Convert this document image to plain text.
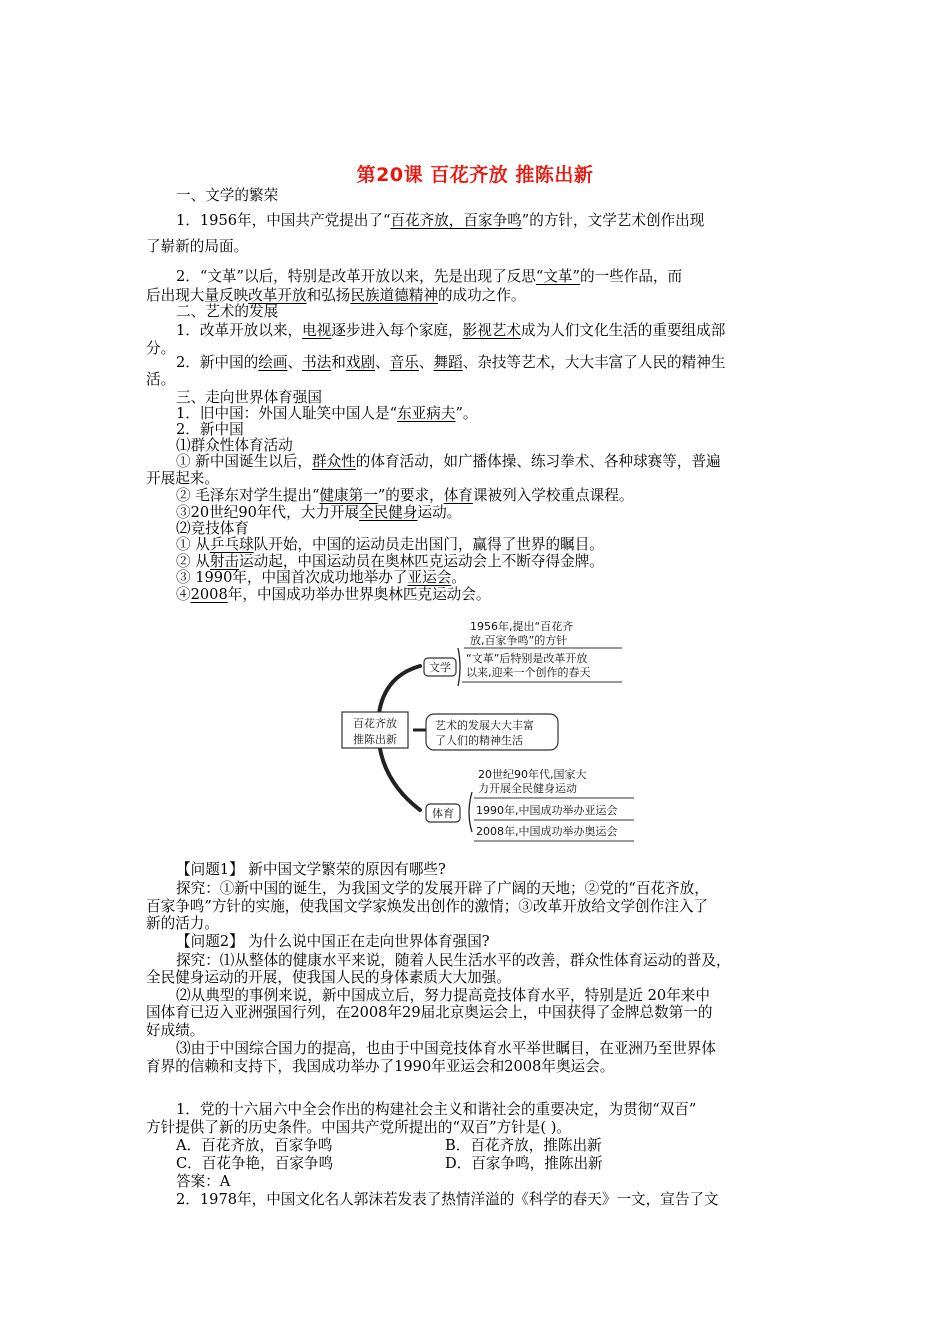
第20课 百花齐放 推陈出新
一、文学的繁荣
1．1956年，中国共产党提出了“百花齐放，百家争鸣”的方针，文学艺术创作出现
了崭新的局面。
2．“文革”以后，特别是改革开放以来，先是出现了反思“文革”的一些作品，而
后出现大量反映改革开放和弘扬民族道德精神的成功之作。
二、艺术的发展
1．改革开放以来，电视逐步进入每个家庭，影视艺术成为人们文化生活的重要组成部
分。
2．新中国的绘画、书法和戏剧、音乐、舞蹈、杂技等艺术，大大丰富了人民的精神生
活。
三、走向世界体育强国
1．旧中国：外国人耻笑中国人是“东亚病夫”。
2．新中国
⑴群众性体育活动
① 新中国诞生以后，群众性的体育活动，如广播体操、练习拳术、各种球赛等，普遍
开展起来。
② 毛泽东对学生提出“健康第一”的要求，体育课被列入学校重点课程。
③20世纪90年代，大力开展全民健身运动。
⑵竞技体育
① 从乒乓球队开始，中国的运动员走出国门，赢得了世界的瞩目。
② 从射击运动起，中国运动员在奥林匹克运动会上不断夺得金牌。
③ 1990年，中国首次成功地举办了亚运会。
④2008年，中国成功举办世界奥林匹克运动会。
百花齐放
推陈出新
文学
1956年,提出“百花齐
放,百家争鸣”的方针
“文革”后特别是改革开放
以来,迎来一个创作的春天
艺术的发展大大丰富
了人们的精神生活
体育
20世纪90年代,国家大
力开展全民健身运动
1990年,中国成功举办亚运会
2008年,中国成功举办奥运会
【问题1】 新中国文学繁荣的原因有哪些?
探究：①新中国的诞生，为我国文学的发展开辟了广阔的天地；②党的“百花齐放，
百家争鸣”方针的实施，使我国文学家焕发出创作的激情；③改革开放给文学创作注入了
新的活力。
【问题2】 为什么说中国正在走向世界体育强国?
探究：⑴从整体的健康水平来说，随着人民生活水平的改善，群众性体育运动的普及，
全民健身运动的开展，使我国人民的身体素质大大加强。
⑵从典型的事例来说，新中国成立后，努力提高竞技体育水平，特别是近 20年来中
国体育已迈入亚洲强国行列，在2008年29届北京奥运会上，中国获得了金牌总数第一的
好成绩。
⑶由于中国综合国力的提高，也由于中国竞技体育水平举世瞩目，在亚洲乃至世界体
育界的信赖和支持下，我国成功举办了1990年亚运会和2008年奥运会。
1．党的十六届六中全会作出的构建社会主义和谐社会的重要决定，为贯彻“双百”
方针提供了新的历史条件。中国共产党所提出的“双百”方针是( )。
A．百花齐放，百家争鸣	B．百花齐放，推陈出新
C．百花争艳，百家争鸣	D．百家争鸣，推陈出新
答案：A
2．1978年，中国文化名人郭沫若发表了热情洋溢的《科学的春天》一文，宣告了文
